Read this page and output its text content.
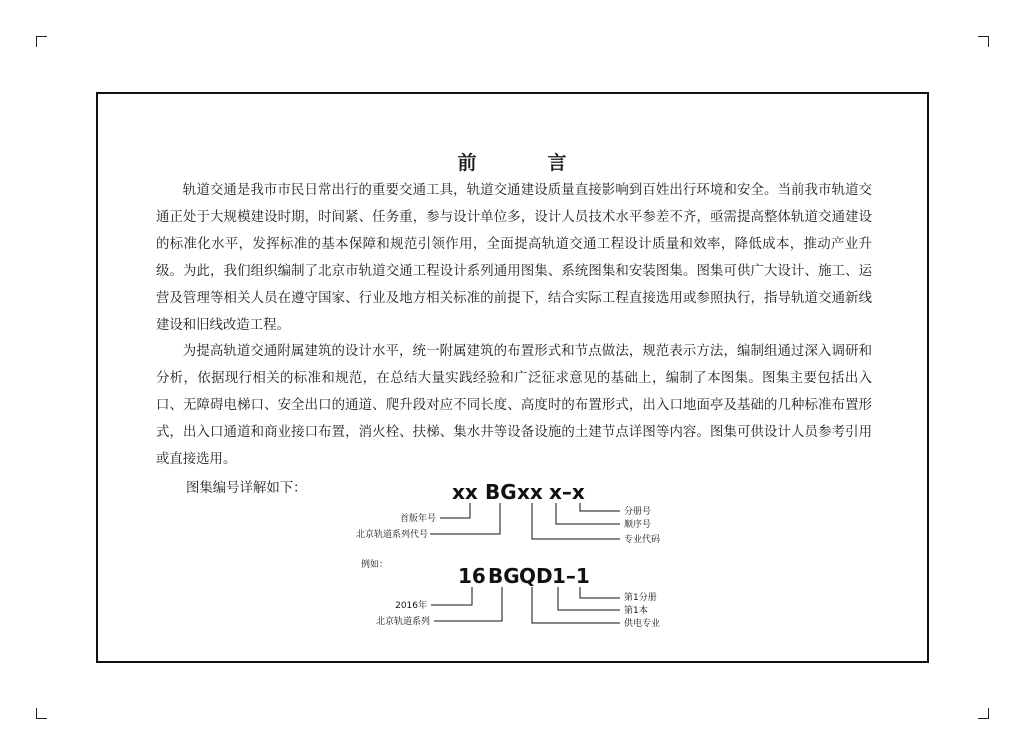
前　言

轨道交通是我市市民日常出行的重要交通工具，轨道交通建设质量直接影响到百姓出行环境和安全。当前我市轨道交通正处于大规模建设时期，时间紧、任务重，参与设计单位多，设计人员技术水平参差不齐，亟需提高整体轨道交通建设的标准化水平，发挥标准的基本保障和规范引领作用，全面提高轨道交通工程设计质量和效率，降低成本，推动产业升级。为此，我们组织编制了北京市轨道交通工程设计系列通用图集、系统图集和安装图集。图集可供广大设计、施工、运营及管理等相关人员在遵守国家、行业及地方相关标准的前提下，结合实际工程直接选用或参照执行，指导轨道交通新线建设和旧线改造工程。

为提高轨道交通附属建筑的设计水平，统一附属建筑的布置形式和节点做法，规范表示方法，编制组通过深入调研和分析，依据现行相关的标准和规范，在总结大量实践经验和广泛征求意见的基础上，编制了本图集。图集主要包括出入口、无障碍电梯口、安全出口的通道、爬升段对应不同长度、高度时的布置形式，出入口地面亭及基础的几种标准布置形式，出入口通道和商业接口布置，消火栓、扶梯、集水井等设备设施的土建节点详图等内容。图集可供设计人员参考引用或直接选用。

图集编号详解如下：	xx BG xx x–x
分册号
顺序号
专业代码
首版年号
北京轨道系列代号
例如：	16 BG QD 1–1
第1分册
第1本
供电专业
2016年
北京轨道系列
